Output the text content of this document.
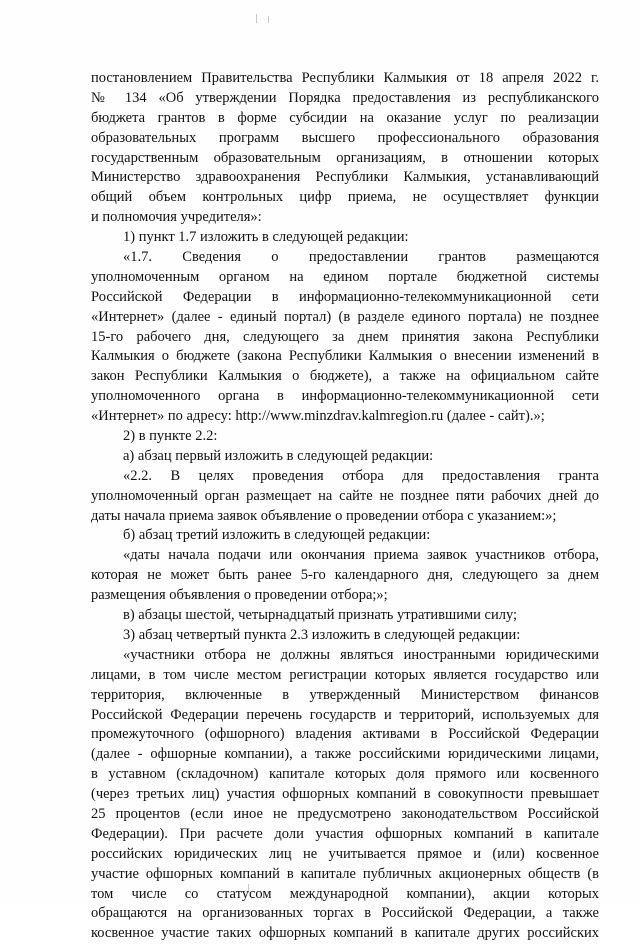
постановлением Правительства Республики Калмыкия от 18 апреля 2022 г.
№ 134 «Об утверждении Порядка предоставления из республиканского
бюджета грантов в форме субсидии на оказание услуг по реализации
образовательных программ высшего профессионального образования
государственным образовательным организациям, в отношении которых
Министерство здравоохранения Республики Калмыкия, устанавливающий
общий объем контрольных цифр приема, не осуществляет функции
и полномочия учредителя»:
1) пункт 1.7 изложить в следующей редакции:
«1.7. Сведения о предоставлении грантов размещаются
уполномоченным органом на едином портале бюджетной системы
Российской Федерации в информационно-телекоммуникационной сети
«Интернет» (далее - единый портал) (в разделе единого портала) не позднее
15-го рабочего дня, следующего за днем принятия закона Республики
Калмыкия о бюджете (закона Республики Калмыкия о внесении изменений в
закон Республики Калмыкия о бюджете), а также на официальном сайте
уполномоченного органа в информационно-телекоммуникационной сети
«Интернет» по адресу: http://www.minzdrav.kalmregion.ru (далее - сайт).»;
2) в пункте 2.2:
а) абзац первый изложить в следующей редакции:
«2.2. В целях проведения отбора для предоставления гранта
уполномоченный орган размещает на сайте не позднее пяти рабочих дней до
даты начала приема заявок объявление о проведении отбора с указанием:»;
б) абзац третий изложить в следующей редакции:
«даты начала подачи или окончания приема заявок участников отбора,
которая не может быть ранее 5-го календарного дня, следующего за днем
размещения объявления о проведении отбора;»;
в) абзацы шестой, четырнадцатый признать утратившими силу;
3) абзац четвертый пункта 2.3 изложить в следующей редакции:
«участники отбора не должны являться иностранными юридическими
лицами, в том числе местом регистрации которых является государство или
территория, включенные в утвержденный Министерством финансов
Российской Федерации перечень государств и территорий, используемых для
промежуточного (офшорного) владения активами в Российской Федерации
(далее - офшорные компании), а также российскими юридическими лицами,
в уставном (складочном) капитале которых доля прямого или косвенного
(через третьих лиц) участия офшорных компаний в совокупности превышает
25 процентов (если иное не предусмотрено законодательством Российской
Федерации). При расчете доли участия офшорных компаний в капитале
российских юридических лиц не учитывается прямое и (или) косвенное
участие офшорных компаний в капитале публичных акционерных обществ (в
том числе со статусом международной компании), акции которых
обращаются на организованных торгах в Российской Федерации, а также
косвенное участие таких офшорных компаний в капитале других российских
